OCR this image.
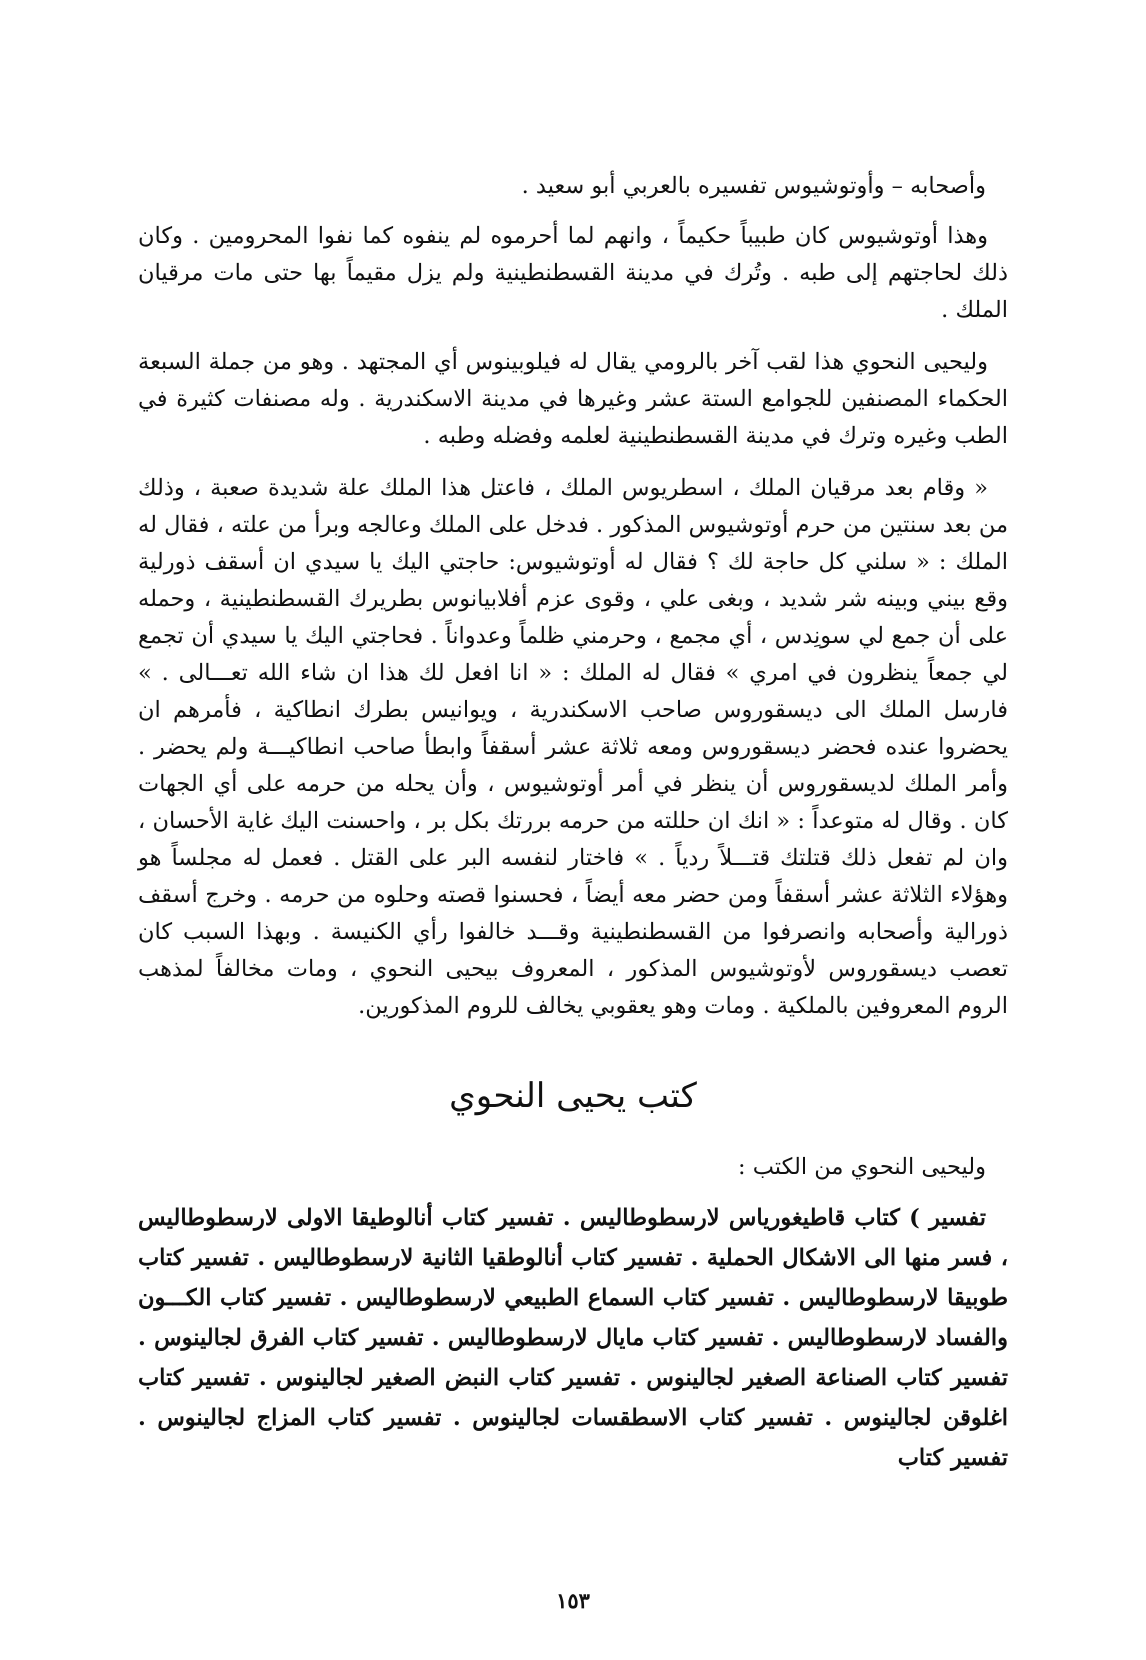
وأصحابه – وأوتوشيوس تفسيره بالعربي أبو سعيد .

وهذا أوتوشيوس كان طبيباً حكيماً ، وانهم لما أحرموه لم ينفوه كما نفوا المحرومين . وكان ذلك لحاجتهم إلى طبه . وتُرك في مدينة القسطنطينية ولم يزل مقيماً بها حتى مات مرقيان الملك .

وليحيى النحوي هذا لقب آخر بالرومي يقال له فيلوبينوس أي المجتهد . وهو من جملة السبعة الحكماء المصنفين للجوامع الستة عشر وغيرها في مدينة الاسكندرية . وله مصنفات كثيرة في الطب وغيره وترك في مدينة القسطنطينية لعلمه وفضله وطبه .

« وقام بعد مرقيان الملك ، اسطريوس الملك ، فاعتل هذا الملك علة شديدة صعبة ، وذلك من بعد سنتين من حرم أوتوشيوس المذكور . فدخل على الملك وعالجه وبرأ من علته ، فقال له الملك : « سلني كل حاجة لك ؟ فقال له أوتوشيوس: حاجتي اليك يا سيدي ان أسقف ذورلية وقع بيني وبينه شر شديد ، وبغى علي ، وقوى عزم أفلابيانوس بطريرك القسطنطينية ، وحمله على أن جمع لي سونِدس ، أي مجمع ، وحرمني ظلماً وعدواناً . فحاجتي اليك يا سيدي أن تجمع لي جمعاً ينظرون في امري » فقال له الملك : « انا افعل لك هذا ان شاء الله تعـــالى . » فارسل الملك الى ديسقوروس صاحب الاسكندرية ، ويوانيس بطرك انطاكية ، فأمرهم ان يحضروا عنده فحضر ديسقوروس ومعه ثلاثة عشر أسقفاً وابطأ صاحب انطاكيـــة ولم يحضر . وأمر الملك لديسقوروس أن ينظر في أمر أوتوشيوس ، وأن يحله من حرمه على أي الجهات كان . وقال له متوعداً : « انك ان حللته من حرمه بررتك بكل بر ، واحسنت اليك غاية الأحسان ، وان لم تفعل ذلك قتلتك قتـــلاً ردياً . » فاختار لنفسه البر على القتل . فعمل له مجلساً هو وهؤلاء الثلاثة عشر أسقفاً ومن حضر معه أيضاً ، فحسنوا قصته وحلوه من حرمه . وخرج أسقف ذورالية وأصحابه وانصرفوا من القسطنطينية وقـــد خالفوا رأي الكنيسة . وبهذا السبب كان تعصب ديسقوروس لأوتوشيوس المذكور ، المعروف بيحيى النحوي ، ومات مخالفاً لمذهب الروم المعروفين بالملكية . ومات وهو يعقوبي يخالف للروم المذكورين.

كتب يحيى النحوي

وليحيى النحوي من الكتب :

تفسير ) كتاب قاطيغورياس لارسطوطاليس . تفسير كتاب أنالوطيقا الاولى لارسطوطاليس ، فسر منها الى الاشكال الحملية . تفسير كتاب أنالوطقيا الثانية لارسطوطاليس . تفسير كتاب طوبيقا لارسطوطاليس . تفسير كتاب السماع الطبيعي لارسطوطاليس . تفسير كتاب الكـــون والفساد لارسطوطاليس . تفسير كتاب مايال لارسطوطاليس . تفسير كتاب الفرق لجالينوس . تفسير كتاب الصناعة الصغير لجالينوس . تفسير كتاب النبض الصغير لجالينوس . تفسير كتاب اغلوقن لجالينوس . تفسير كتاب الاسطقسات لجالينوس . تفسير كتاب المزاج لجالينوس . تفسير كتاب

١٥٣
